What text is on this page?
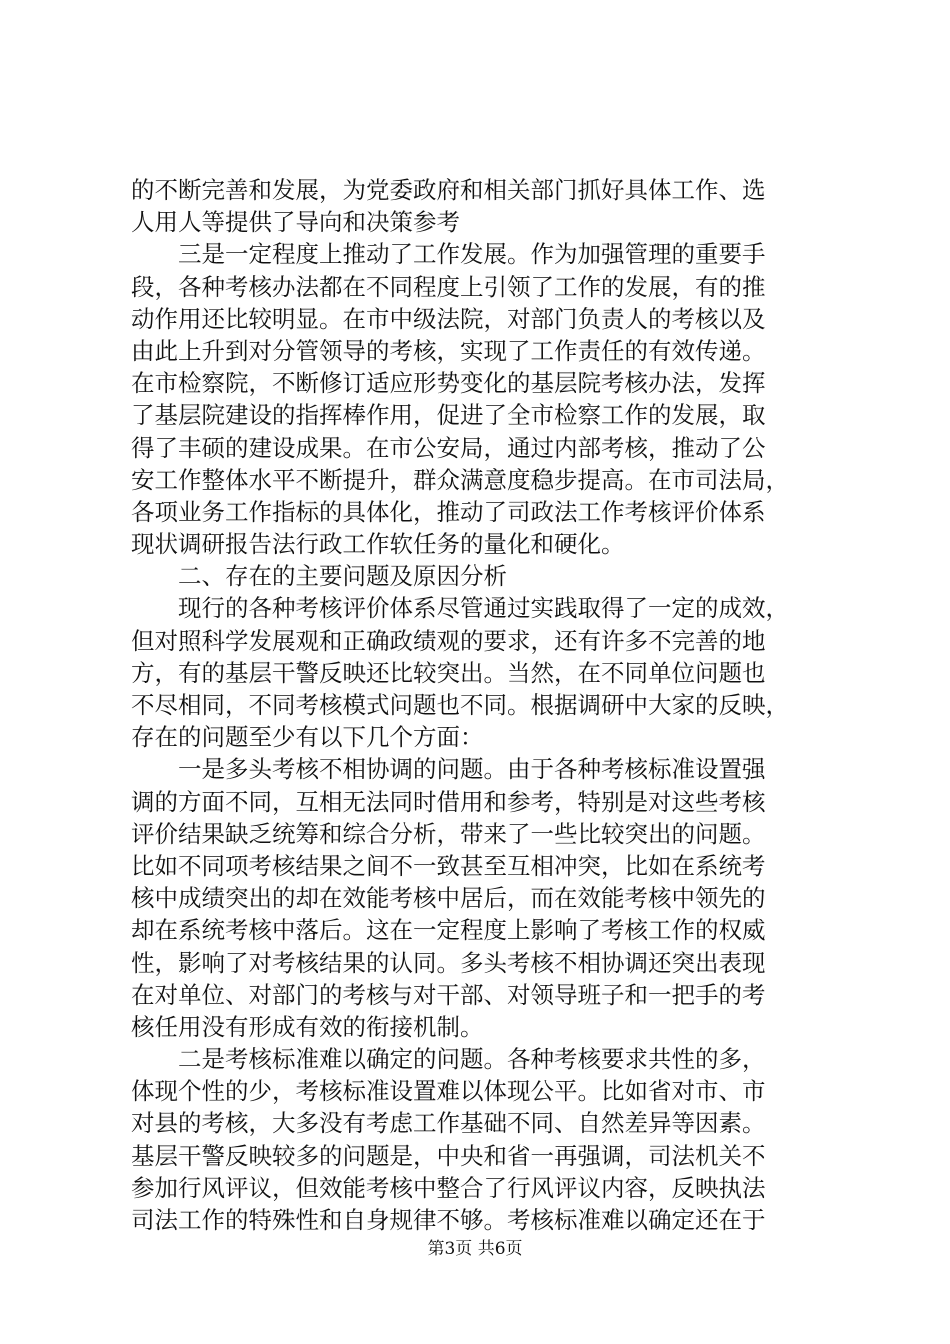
的不断完善和发展，为党委政府和相关部门抓好具体工作、选
人用人等提供了导向和决策参考
三是一定程度上推动了工作发展。作为加强管理的重要手
段，各种考核办法都在不同程度上引领了工作的发展，有的推
动作用还比较明显。在市中级法院，对部门负责人的考核以及
由此上升到对分管领导的考核，实现了工作责任的有效传递。
在市检察院，不断修订适应形势变化的基层院考核办法，发挥
了基层院建设的指挥棒作用，促进了全市检察工作的发展，取
得了丰硕的建设成果。在市公安局，通过内部考核，推动了公
安工作整体水平不断提升，群众满意度稳步提高。在市司法局，
各项业务工作指标的具体化，推动了司政法工作考核评价体系
现状调研报告法行政工作软任务的量化和硬化。
二、存在的主要问题及原因分析
现行的各种考核评价体系尽管通过实践取得了一定的成效，
但对照科学发展观和正确政绩观的要求，还有许多不完善的地
方，有的基层干警反映还比较突出。当然，在不同单位问题也
不尽相同，不同考核模式问题也不同。根据调研中大家的反映，
存在的问题至少有以下几个方面：
一是多头考核不相协调的问题。由于各种考核标准设置强
调的方面不同，互相无法同时借用和参考，特别是对这些考核
评价结果缺乏统筹和综合分析，带来了一些比较突出的问题。
比如不同项考核结果之间不一致甚至互相冲突，比如在系统考
核中成绩突出的却在效能考核中居后，而在效能考核中领先的
却在系统考核中落后。这在一定程度上影响了考核工作的权威
性，影响了对考核结果的认同。多头考核不相协调还突出表现
在对单位、对部门的考核与对干部、对领导班子和一把手的考
核任用没有形成有效的衔接机制。
二是考核标准难以确定的问题。各种考核要求共性的多，
体现个性的少，考核标准设置难以体现公平。比如省对市、市
对县的考核，大多没有考虑工作基础不同、自然差异等因素。
基层干警反映较多的问题是，中央和省一再强调，司法机关不
参加行风评议，但效能考核中整合了行风评议内容，反映执法
司法工作的特殊性和自身规律不够。考核标准难以确定还在于
第3页 共6页
